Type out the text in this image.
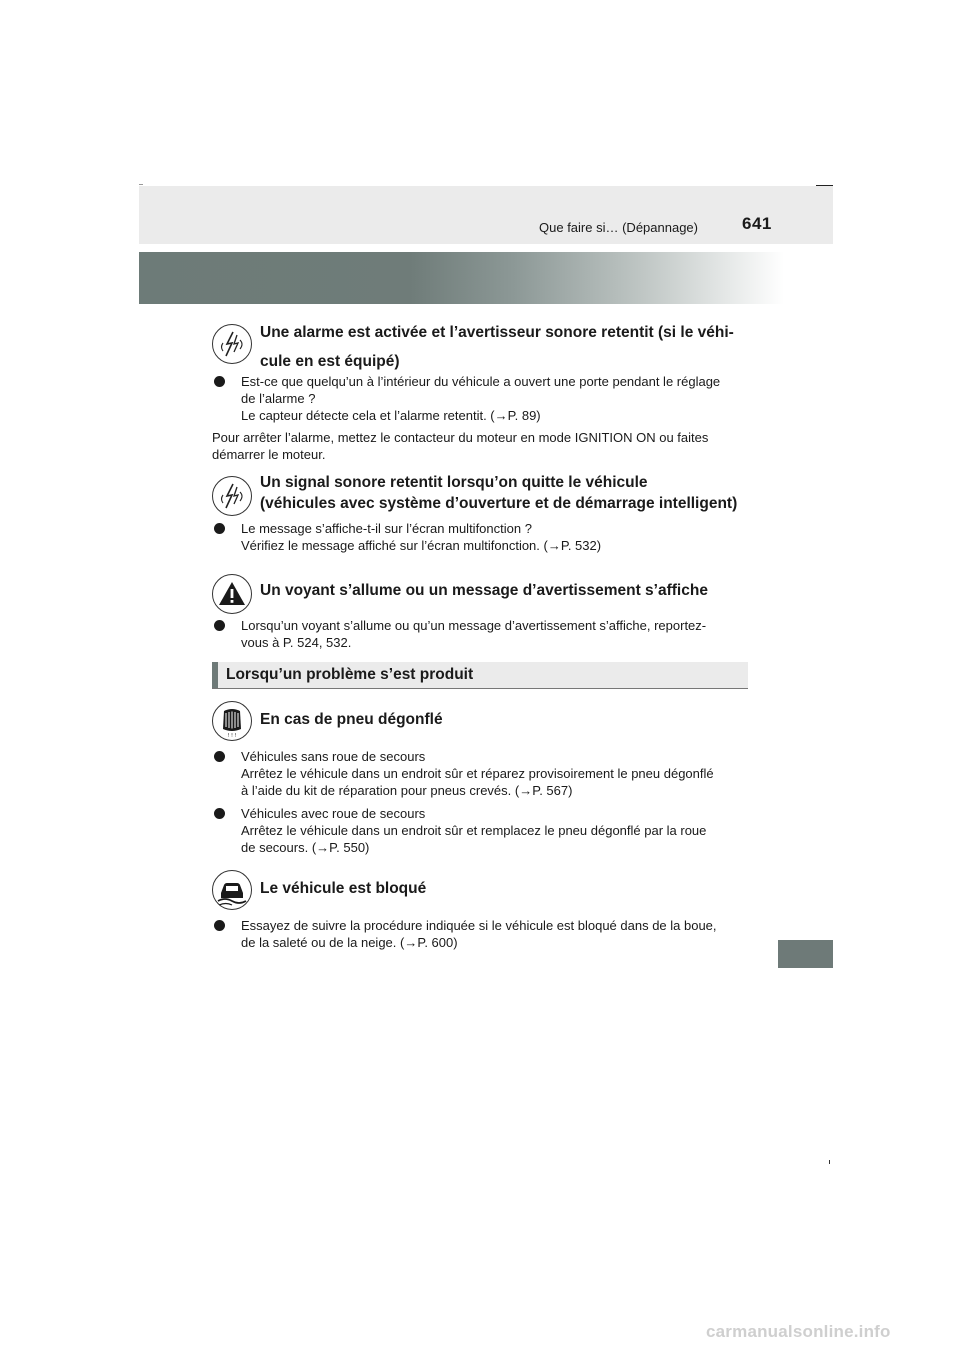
Que faire si… (Dépannage)	641
Une alarme est activée et l’avertisseur sonore retentit (si le véhi-
cule en est équipé)
Est-ce que quelqu’un à l’intérieur du véhicule a ouvert une porte pendant le réglage
de l’alarme ?
Le capteur détecte cela et l’alarme retentit. (→P. 89)
Pour arrêter l’alarme, mettez le contacteur du moteur en mode IGNITION ON ou faites
démarrer le moteur.
Un signal sonore retentit lorsqu’on quitte le véhicule
(véhicules avec système d’ouverture et de démarrage intelligent)
Le message s’affiche-t-il sur l’écran multifonction ?
Vérifiez le message affiché sur l’écran multifonction. (→P. 532)
Un voyant s’allume ou un message d’avertissement s’affiche
Lorsqu’un voyant s’allume ou qu’un message d’avertissement s’affiche, reportez-
vous à P. 524, 532.
Lorsqu’un problème s’est produit
! ! !
En cas de pneu dégonflé
Véhicules sans roue de secours
Arrêtez le véhicule dans un endroit sûr et réparez provisoirement le pneu dégonflé
à l’aide du kit de réparation pour pneus crevés. (→P. 567)
Véhicules avec roue de secours
Arrêtez le véhicule dans un endroit sûr et remplacez le pneu dégonflé par la roue
de secours. (→P. 550)
Le véhicule est bloqué
Essayez de suivre la procédure indiquée si le véhicule est bloqué dans de la boue,
de la saleté ou de la neige. (→P. 600)
carmanualsonline.info
